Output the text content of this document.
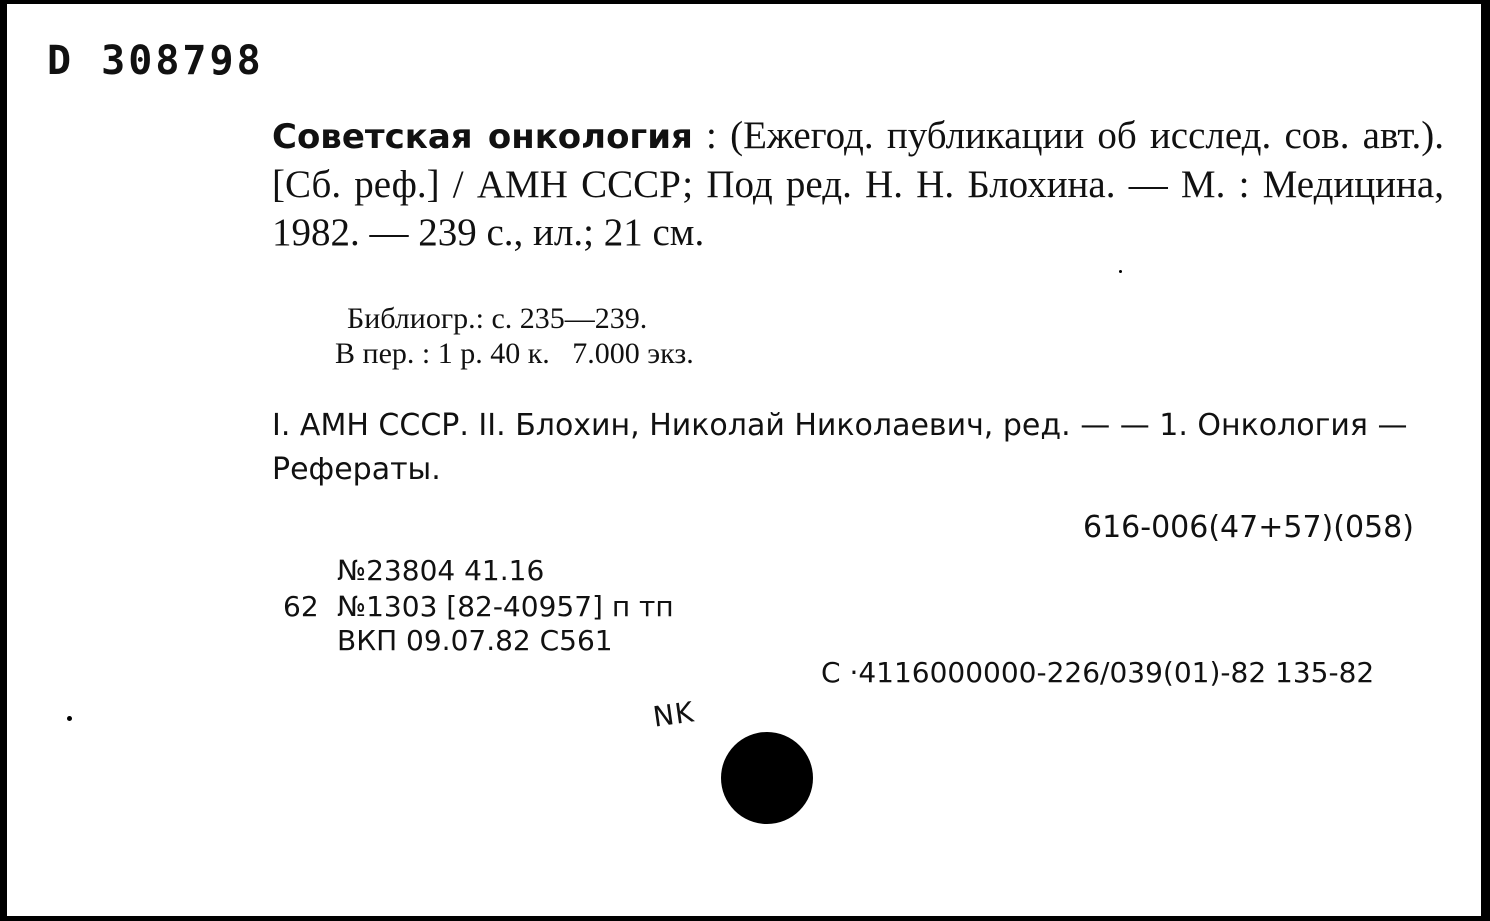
D 308798
Советская онкология : (Ежегод. публикации об исслед. сов. авт.). [Сб. реф.] / АМН СССР; Под ред. Н. Н. Блохина. — М. : Медицина, 1982. — 239 с., ил.; 21 см.
Библиогр.: с. 235—239.
В пер. : 1 р. 40 к.   7.000 экз.
I. АМН СССР. II. Блохин, Николай Николаевич, ред. — — 1. Онкология — Рефераты.
616-006(47+57)(058)
№23804 41.16
62 №1303 [82-40957] п тп
ВКП 09.07.82 С561
С ·4116000000-226/039(01)-82 135-82
NK
